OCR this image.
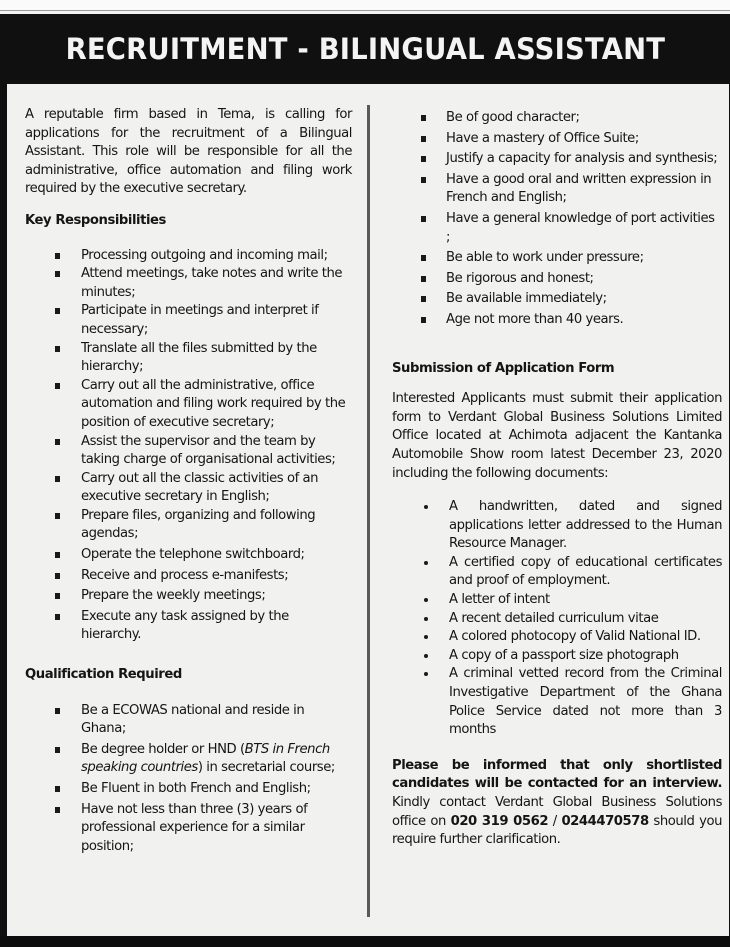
RECRUITMENT - BILINGUAL ASSISTANT

A reputable firm based in Tema, is calling for applications for the recruitment of a Bilingual Assistant. This role will be responsible for all the administrative, office automation and filing work required by the executive secretary.

Key Responsibilities

Processing outgoing and incoming mail;
Attend meetings, take notes and write the minutes;
Participate in meetings and interpret if necessary;
Translate all the files submitted by the hierarchy;
Carry out all the administrative, office automation and filing work required by the position of executive secretary;
Assist the supervisor and the team by taking charge of organisational activities;
Carry out all the classic activities of an executive secretary in English;
Prepare files, organizing and following agendas;
Operate the telephone switchboard;
Receive and process e-manifests;
Prepare the weekly meetings;
Execute any task assigned by the hierarchy.

Qualification Required

Be a ECOWAS national and reside in Ghana;
Be degree holder or HND (BTS in French speaking countries) in secretarial course;
Be Fluent in both French and English;
Have not less than three (3) years of professional experience for a similar position;
Be of good character;
Have a mastery of Office Suite;
Justify a capacity for analysis and synthesis;
Have a good oral and written expression in French and English;
Have a general knowledge of port activities ;
Be able to work under pressure;
Be rigorous and honest;
Be available immediately;
Age not more than 40 years.

Submission of Application Form

Interested Applicants must submit their application form to Verdant Global Business Solutions Limited Office located at Achimota adjacent the Kantanka Automobile Show room latest December 23, 2020 including the following documents:

A handwritten, dated and signed applications letter addressed to the Human Resource Manager.
A certified copy of educational certificates and proof of employment.
A letter of intent
A recent detailed curriculum vitae
A colored photocopy of Valid National ID.
A copy of a passport size photograph
A criminal vetted record from the Criminal Investigative Department of the Ghana Police Service dated not more than 3 months

Please be informed that only shortlisted candidates will be contacted for an interview. Kindly contact Verdant Global Business Solutions office on 020 319 0562 / 0244470578 should you require further clarification.
